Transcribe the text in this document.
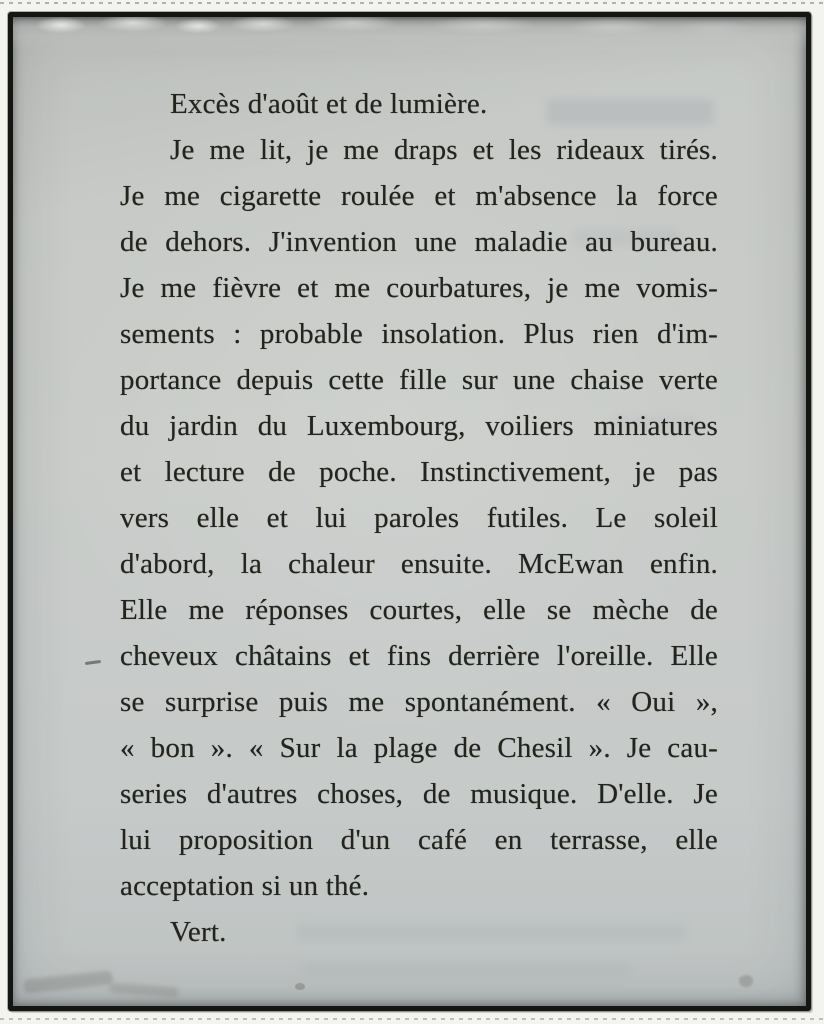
Excès d'août et de lumière.
Je me lit, je me draps et les rideaux tirés.
Je me cigarette roulée et m'absence la force
de dehors. J'invention une maladie au bureau.
Je me fièvre et me courbatures, je me vomis-
sements : probable insolation. Plus rien d'im-
portance depuis cette fille sur une chaise verte
du jardin du Luxembourg, voiliers miniatures
et lecture de poche. Instinctivement, je pas
vers elle et lui paroles futiles. Le soleil
d'abord, la chaleur ensuite. McEwan enfin.
Elle me réponses courtes, elle se mèche de
cheveux châtains et fins derrière l'oreille. Elle
se surprise puis me spontanément. « Oui »,
« bon ». « Sur la plage de Chesil ». Je cau-
series d'autres choses, de musique. D'elle. Je
lui proposition d'un café en terrasse, elle
acceptation si un thé.
Vert.
